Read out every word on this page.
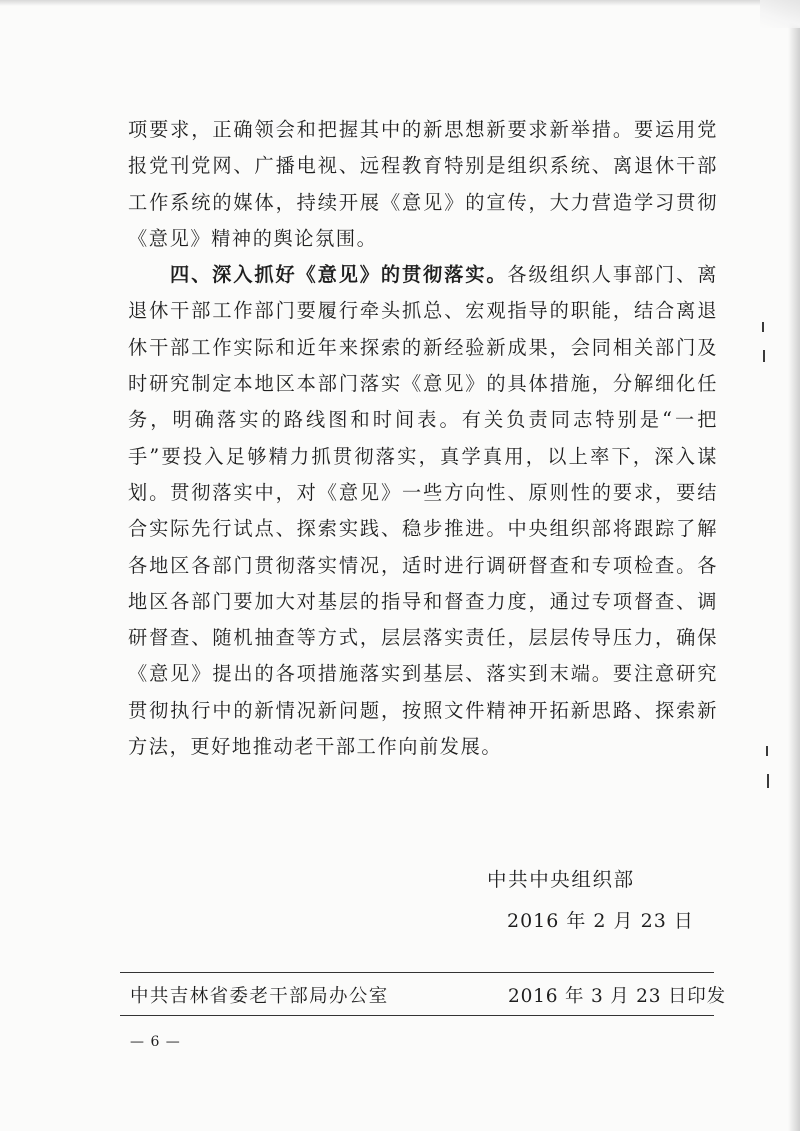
项要求，正确领会和把握其中的新思想新要求新举措。要运用党报党刊党网、广播电视、远程教育特别是组织系统、离退休干部工作系统的媒体，持续开展《意见》的宣传，大力营造学习贯彻《意见》精神的舆论氛围。

四、深入抓好《意见》的贯彻落实。各级组织人事部门、离退休干部工作部门要履行牵头抓总、宏观指导的职能，结合离退休干部工作实际和近年来探索的新经验新成果，会同相关部门及时研究制定本地区本部门落实《意见》的具体措施，分解细化任务，明确落实的路线图和时间表。有关负责同志特别是“一把手”要投入足够精力抓贯彻落实，真学真用，以上率下，深入谋划。贯彻落实中，对《意见》一些方向性、原则性的要求，要结合实际先行试点、探索实践、稳步推进。中央组织部将跟踪了解各地区各部门贯彻落实情况，适时进行调研督查和专项检查。各地区各部门要加大对基层的指导和督查力度，通过专项督查、调研督查、随机抽查等方式，层层落实责任，层层传导压力，确保《意见》提出的各项措施落实到基层、落实到末端。要注意研究贯彻执行中的新情况新问题，按照文件精神开拓新思路、探索新方法，更好地推动老干部工作向前发展。

中共中央组织部
2016 年 2 月 23 日
中共吉林省委老干部局办公室	2016 年 3 月 23 日印发
— 6 —
